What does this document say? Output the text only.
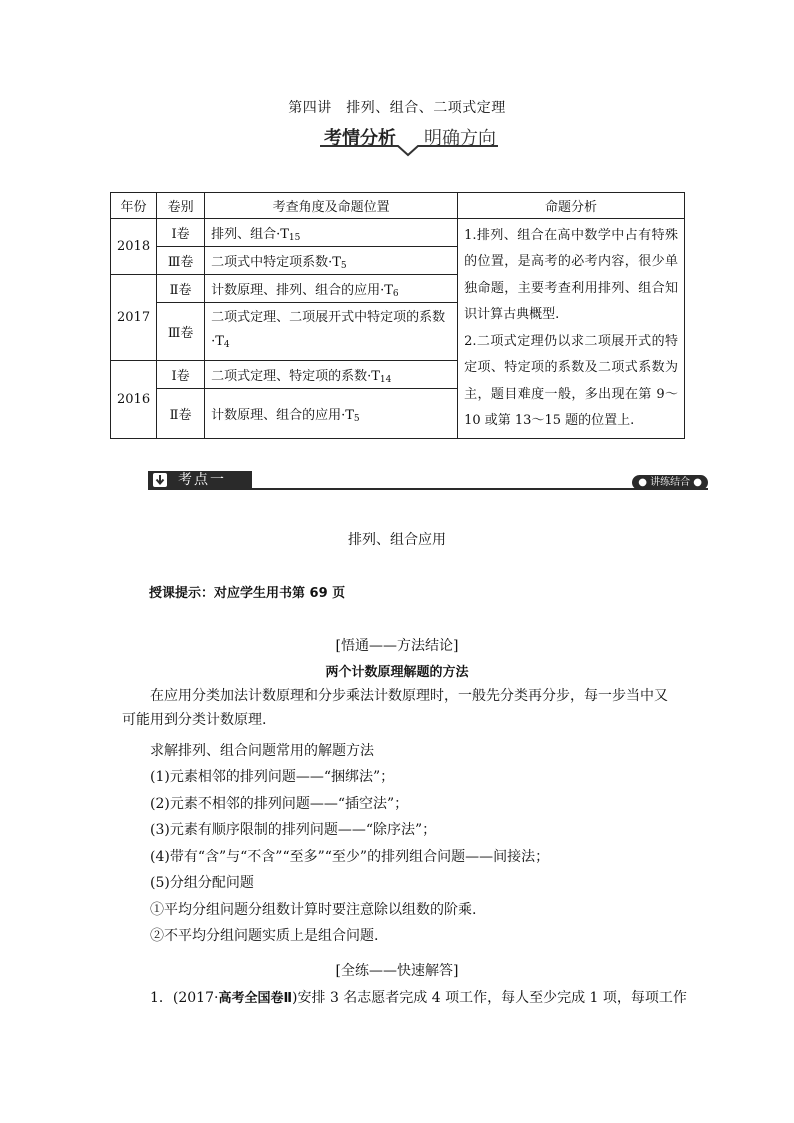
第四讲　排列、组合、二项式定理
考情分析 明确方向
年份	卷别	考查角度及命题位置	命题分析
2018	Ⅰ卷	排列、组合$\cdot T_{15}$	1.排列、组合在高中数学中占有特殊的位置，是高考的必考内容，很少单独命题，主要考查利用排列、组合知识计算古典概型.
2.二项式定理仍以求二项展开式的特定项、特定项的系数及二项式系数为主，题目难度一般，多出现在第 9～10 或第 13～15 题的位置上.

	Ⅲ卷	二项式中特定项系数$\cdot T_5$
2017	Ⅱ卷	计数原理、排列、组合的应用$\cdot T_6$
	Ⅲ卷	二项式定理、二项展开式中特定项的系数$\cdot T_4$
2016	Ⅰ卷	二项式定理、特定项的系数$\cdot T_{14}$
	Ⅱ卷	计数原理、组合的应用$\cdot T_5$
考点一	● 讲练结合 ●
排列、组合应用
授课提示：对应学生用书第 69 页
[悟通——方法结论]
两个计数原理解题的方法
在应用分类加法计数原理和分步乘法计数原理时，一般先分类再分步，每一步当中又可能用到分类计数原理.
求解排列、组合问题常用的解题方法
(1)元素相邻的排列问题——“捆绑法”；
(2)元素不相邻的排列问题——“插空法”；
(3)元素有顺序限制的排列问题——“除序法”；
(4)带有“含”与“不含”“至多”“至少”的排列组合问题——间接法；
(5)分组分配问题
①平均分组问题分组数计算时要注意除以组数的阶乘.
②不平均分组问题实质上是组合问题.
[全练——快速解答]
1．(2017·高考全国卷Ⅱ)安排 3 名志愿者完成 4 项工作，每人至少完成 1 项，每项工作
